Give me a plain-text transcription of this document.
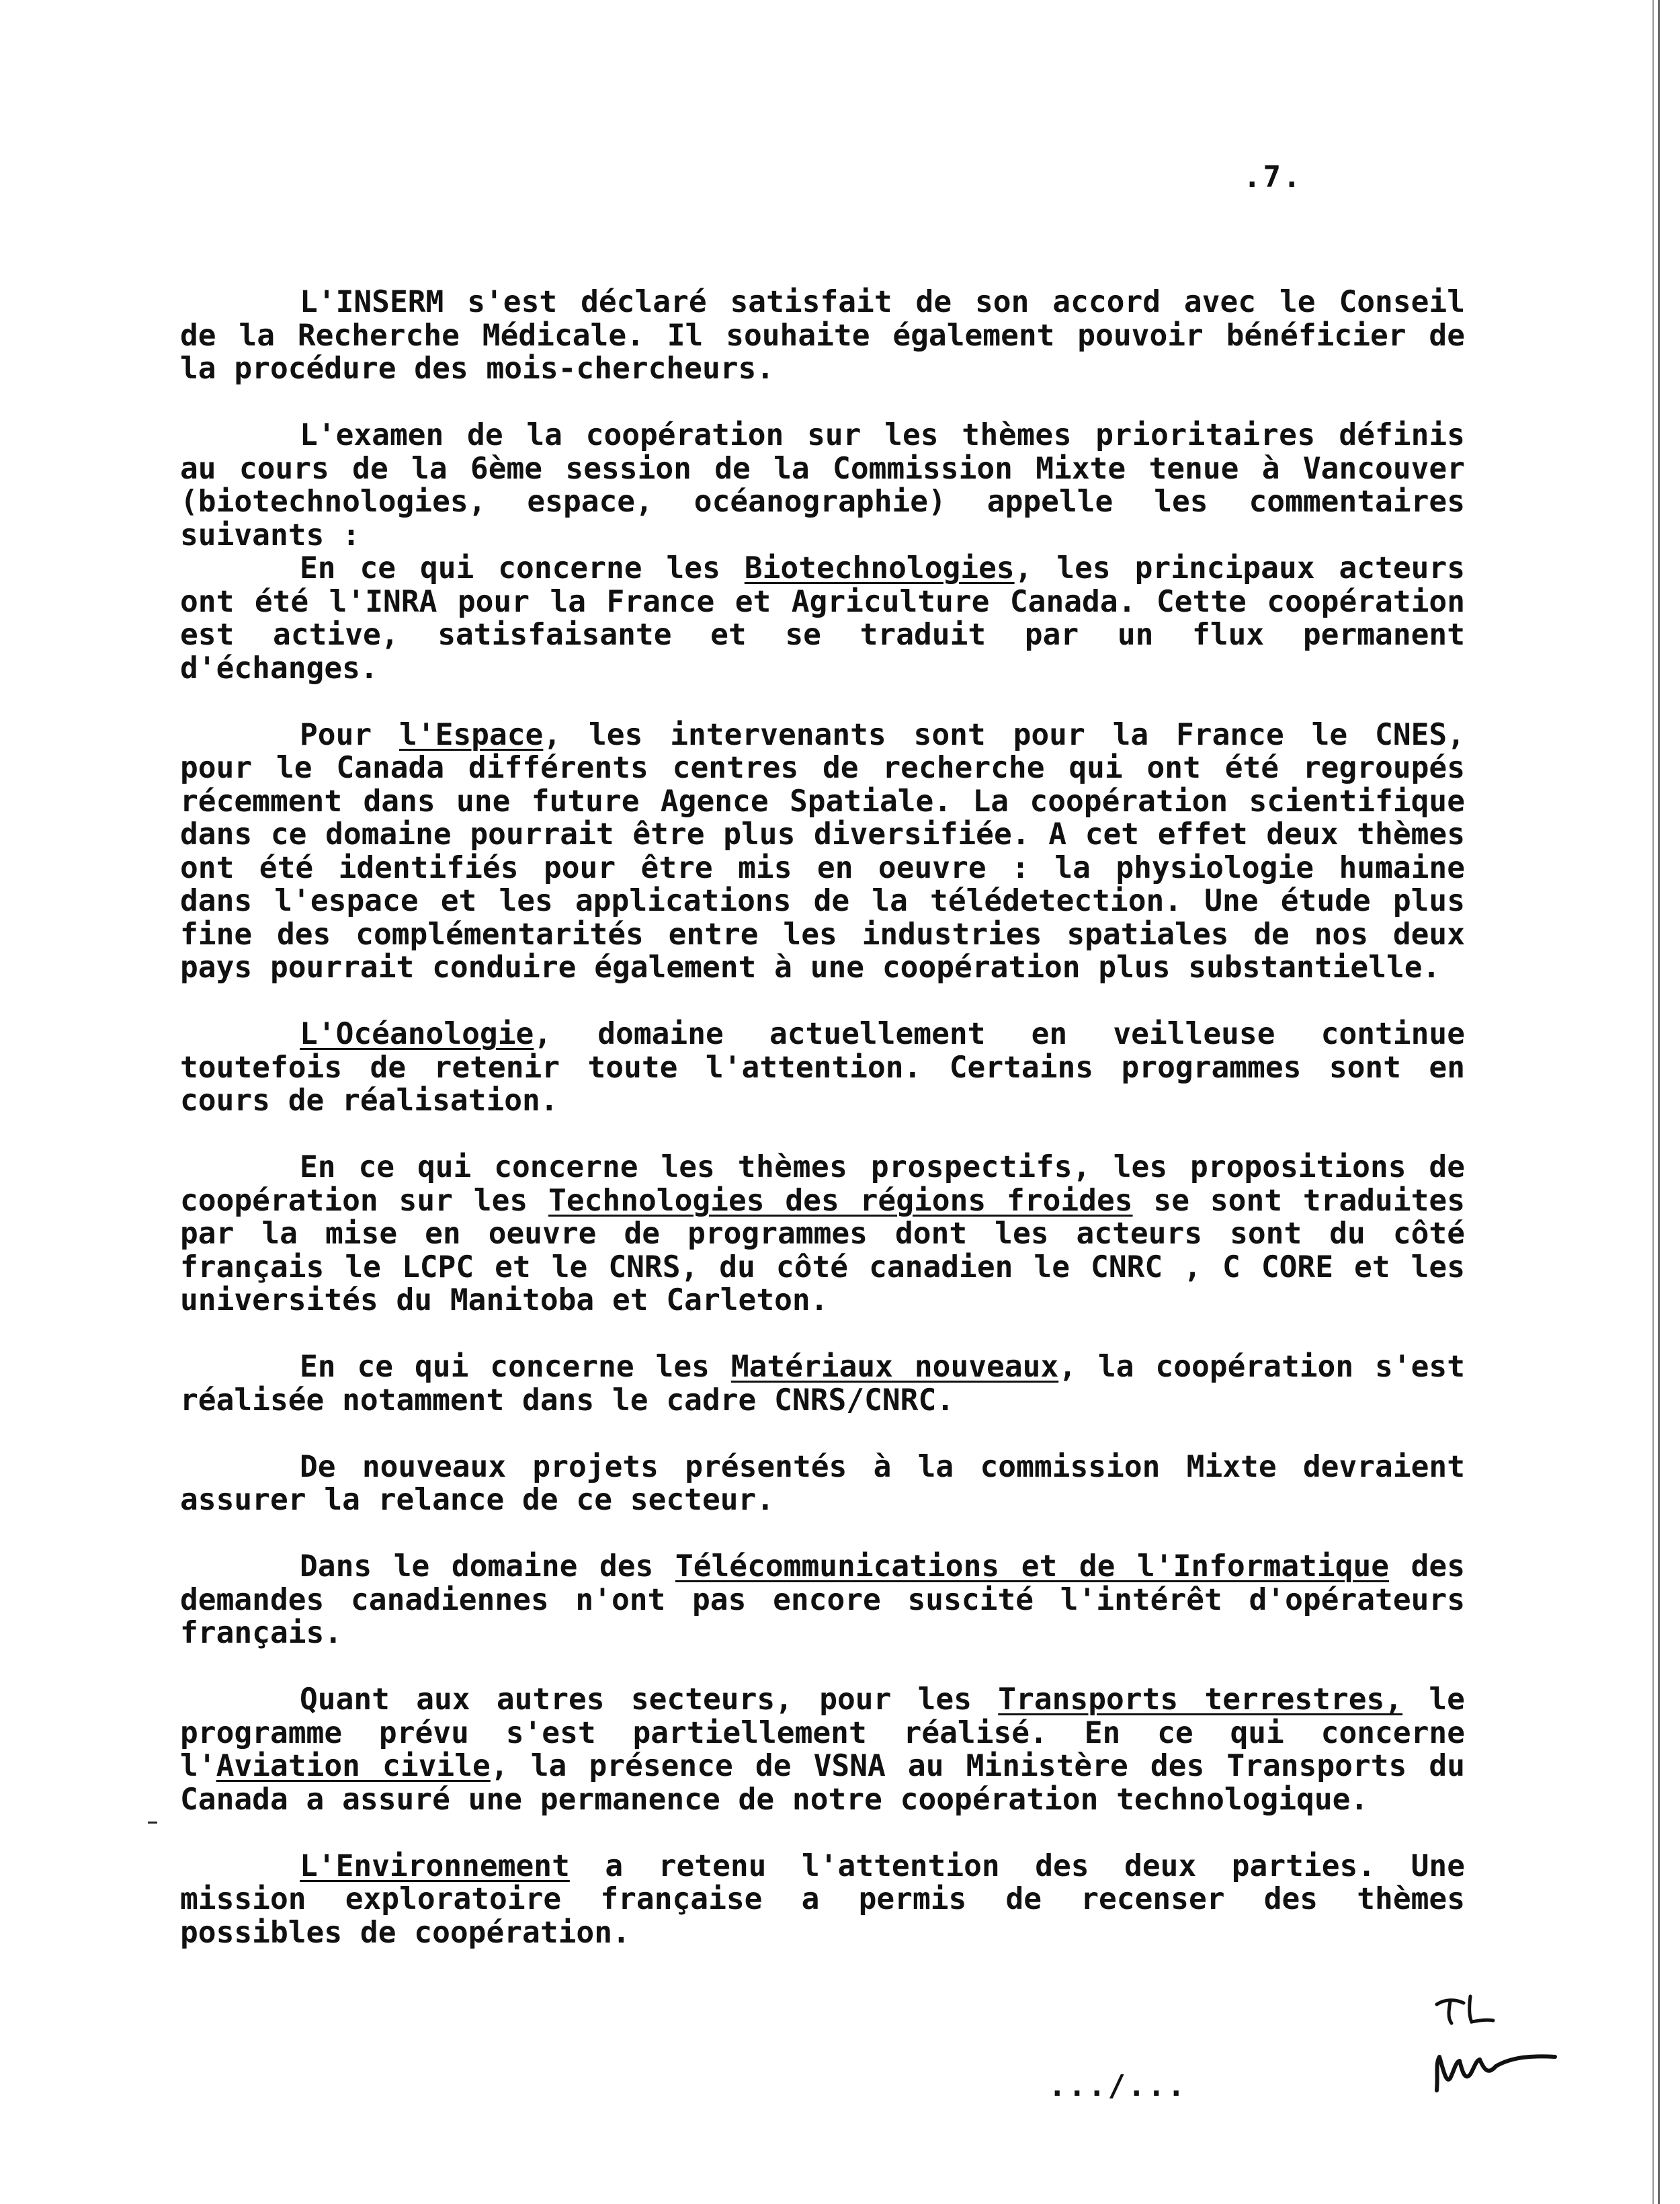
.7.

L'INSERM s'est déclaré satisfait de son accord avec le Conseil de la Recherche Médicale. Il souhaite également pouvoir bénéficier de la procédure des mois-chercheurs.

L'examen de la coopération sur les thèmes prioritaires définis au cours de la 6ème session de la Commission Mixte tenue à Vancouver (biotechnologies, espace, océanographie) appelle les commentaires suivants :

En ce qui concerne les Biotechnologies, les principaux acteurs ont été l'INRA pour la France et Agriculture Canada. Cette coopération est active, satisfaisante et se traduit par un flux permanent d'échanges.

Pour l'Espace, les intervenants sont pour la France le CNES, pour le Canada différents centres de recherche qui ont été regroupés récemment dans une future Agence Spatiale. La coopération scientifique dans ce domaine pourrait être plus diversifiée. A cet effet deux thèmes ont été identifiés pour être mis en oeuvre : la physiologie humaine dans l'espace et les applications de la télédetection. Une étude plus fine des complémentarités entre les industries spatiales de nos deux pays pourrait conduire également à une coopération plus substantielle.

L'Océanologie, domaine actuellement en veilleuse continue toutefois de retenir toute l'attention. Certains programmes sont en cours de réalisation.

En ce qui concerne les thèmes prospectifs, les propositions de coopération sur les Technologies des régions froides se sont traduites par la mise en oeuvre de programmes dont les acteurs sont du côté français le LCPC et le CNRS, du côté canadien le CNRC , C CORE et les universités du Manitoba et Carleton.

En ce qui concerne les Matériaux nouveaux, la coopération s'est réalisée notamment dans le cadre CNRS/CNRC.

De nouveaux projets présentés à la commission Mixte devraient assurer la relance de ce secteur.

Dans le domaine des Télécommunications et de l'Informatique des demandes canadiennes n'ont pas encore suscité l'intérêt d'opérateurs français.

Quant aux autres secteurs, pour les Transports terrestres, le programme prévu s'est partiellement réalisé. En ce qui concerne l'Aviation civile, la présence de VSNA au Ministère des Transports du Canada a assuré une permanence de notre coopération technologique.

L'Environnement a retenu l'attention des deux parties. Une mission exploratoire française a permis de recenser des thèmes possibles de coopération.

.../...
